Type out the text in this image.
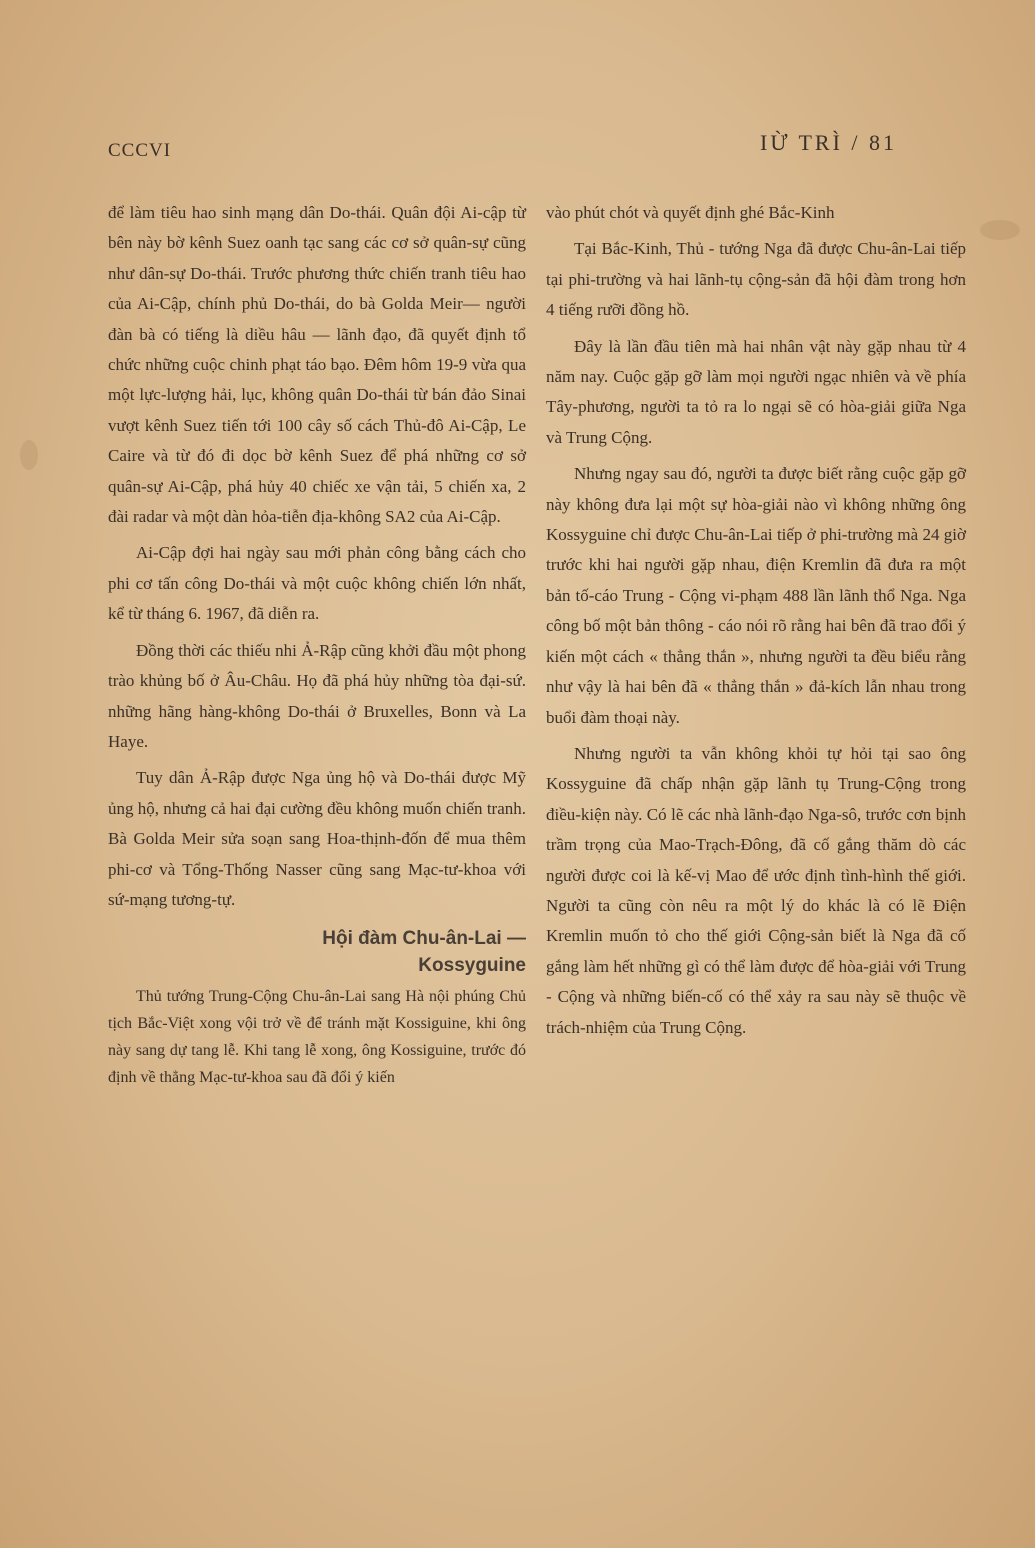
CCCVI	IỪ TRÌ / 81

để làm tiêu hao sinh mạng dân Do-thái. Quân đội Ai-cập từ bên này bờ kênh Suez oanh tạc sang các cơ sở quân-sự cũng như dân-sự Do-thái. Trước phương thức chiến tranh tiêu hao của Ai-Cập, chính phủ Do-thái, do bà Golda Meir— người đàn bà có tiếng là diều hâu — lãnh đạo, đã quyết định tổ chức những cuộc chinh phạt táo bạo. Đêm hôm 19-9 vừa qua một lực-lượng hải, lục, không quân Do-thái từ bán đảo Sinai vượt kênh Suez tiến tới 100 cây số cách Thủ-đô Ai-Cập, Le Caire và từ đó đi dọc bờ kênh Suez để phá những cơ sở quân-sự Ai-Cập, phá hủy 40 chiếc xe vận tải, 5 chiến xa, 2 đài radar và một dàn hỏa-tiễn địa-không SA2 của Ai-Cập.

Ai-Cập đợi hai ngày sau mới phản công bằng cách cho phi cơ tấn công Do-thái và một cuộc không chiến lớn nhất, kể từ tháng 6. 1967, đã diễn ra.

Đồng thời các thiếu nhi Ả-Rập cũng khởi đầu một phong trào khủng bố ở Âu-Châu. Họ đã phá hủy những tòa đại-sứ. những hãng hàng-không Do-thái ở Bruxelles, Bonn và La Haye.

Tuy dân Ả-Rập được Nga ủng hộ và Do-thái được Mỹ ủng hộ, nhưng cả hai đại cường đều không muốn chiến tranh. Bà Golda Meir sửa soạn sang Hoa-thịnh-đốn để mua thêm phi-cơ và Tổng-Thống Nasser cũng sang Mạc-tư-khoa với sứ-mạng tương-tự.

Hội đàm Chu-ân-Lai —
Kossyguine

Thủ tướng Trung-Cộng Chu-ân-Lai sang Hà nội phúng Chủ tịch Bắc-Việt xong vội trở về để tránh mặt Kossiguine, khi ông này sang dự tang lễ. Khi tang lễ xong, ông Kossiguine, trước đó định về thẳng Mạc-tư-khoa sau đã đổi ý kiến

vào phút chót và quyết định ghé Bắc-Kinh

Tại Bắc-Kinh, Thủ - tướng Nga đã được Chu-ân-Lai tiếp tại phi-trường và hai lãnh-tụ cộng-sản đã hội đàm trong hơn 4 tiếng rưỡi đồng hồ.

Đây là lần đầu tiên mà hai nhân vật này gặp nhau từ 4 năm nay. Cuộc gặp gỡ làm mọi người ngạc nhiên và về phía Tây-phương, người ta tỏ ra lo ngại sẽ có hòa-giải giữa Nga và Trung Cộng.

Nhưng ngay sau đó, người ta được biết rằng cuộc gặp gỡ này không đưa lại một sự hòa-giải nào vì không những ông Kossyguine chỉ được Chu-ân-Lai tiếp ở phi-trường mà 24 giờ trước khi hai người gặp nhau, điện Kremlin đã đưa ra một bản tố-cáo Trung - Cộng vi-phạm 488 lần lãnh thổ Nga. Nga công bố một bản thông - cáo nói rõ rằng hai bên đã trao đổi ý kiến một cách « thẳng thắn », nhưng người ta đều biểu rằng như vậy là hai bên đã « thẳng thắn » đả-kích lẫn nhau trong buổi đàm thoại này.

Nhưng người ta vẫn không khỏi tự hỏi tại sao ông Kossyguine đã chấp nhận gặp lãnh tụ Trung-Cộng trong điều-kiện này. Có lẽ các nhà lãnh-đạo Nga-sô, trước cơn bịnh trầm trọng của Mao-Trạch-Đông, đã cố gắng thăm dò các người được coi là kế-vị Mao để ước định tình-hình thế giới. Người ta cũng còn nêu ra một lý do khác là có lẽ Điện Kremlin muốn tỏ cho thế giới Cộng-sản biết là Nga đã cố gắng làm hết những gì có thể làm được để hòa-giải với Trung - Cộng và những biến-cố có thể xảy ra sau này sẽ thuộc về trách-nhiệm của Trung Cộng.
